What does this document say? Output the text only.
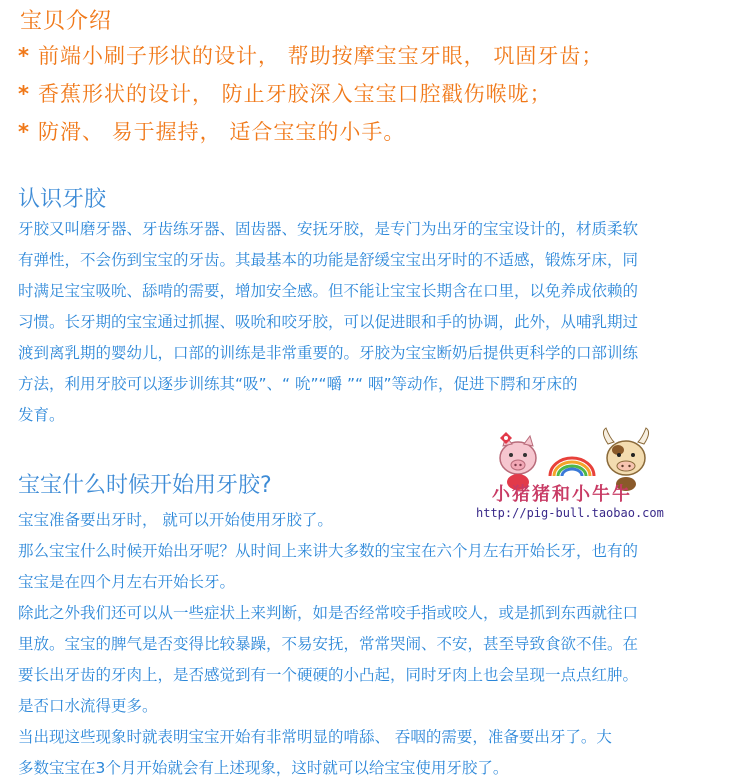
宝贝介绍
* 前端小刷子形状的设计， 帮助按摩宝宝牙眼， 巩固牙齿；
* 香蕉形状的设计， 防止牙胶深入宝宝口腔戳伤喉咙；
* 防滑、 易于握持， 适合宝宝的小手。
认识牙胶
牙胶又叫磨牙器、牙齿练牙器、固齿器、安抚牙胶，是专门为出牙的宝宝设计的，材质柔软
有弹性，不会伤到宝宝的牙齿。其最基本的功能是舒缓宝宝出牙时的不适感，锻炼牙床，同
时满足宝宝吸吮、舔啃的需要，增加安全感。但不能让宝宝长期含在口里，以免养成依赖的
习惯。长牙期的宝宝通过抓握、吸吮和咬牙胶，可以促进眼和手的协调，此外，从哺乳期过
渡到离乳期的婴幼儿，口部的训练是非常重要的。牙胶为宝宝断奶后提供更科学的口部训练
方法，利用牙胶可以逐步训练其“吸”、“ 吮”“嚼 ”“ 咽”等动作，促进下腭和牙床的
发育。
小猪猪和小牛牛
http://pig-bull.taobao.com
宝宝什么时候开始用牙胶?
宝宝准备要出牙时， 就可以开始使用牙胶了。
那么宝宝什么时候开始出牙呢？从时间上来讲大多数的宝宝在六个月左右开始长牙，也有的
宝宝是在四个月左右开始长牙。
除此之外我们还可以从一些症状上来判断，如是否经常咬手指或咬人，或是抓到东西就往口
里放。宝宝的脾气是否变得比较暴躁，不易安抚，常常哭闹、不安，甚至导致食欲不佳。在
要长出牙齿的牙肉上，是否感觉到有一个硬硬的小凸起，同时牙肉上也会呈现一点点红肿。
是否口水流得更多。
当出现这些现象时就表明宝宝开始有非常明显的啃舔、 吞咽的需要，准备要出牙了。大
多数宝宝在3个月开始就会有上述现象，这时就可以给宝宝使用牙胶了。
